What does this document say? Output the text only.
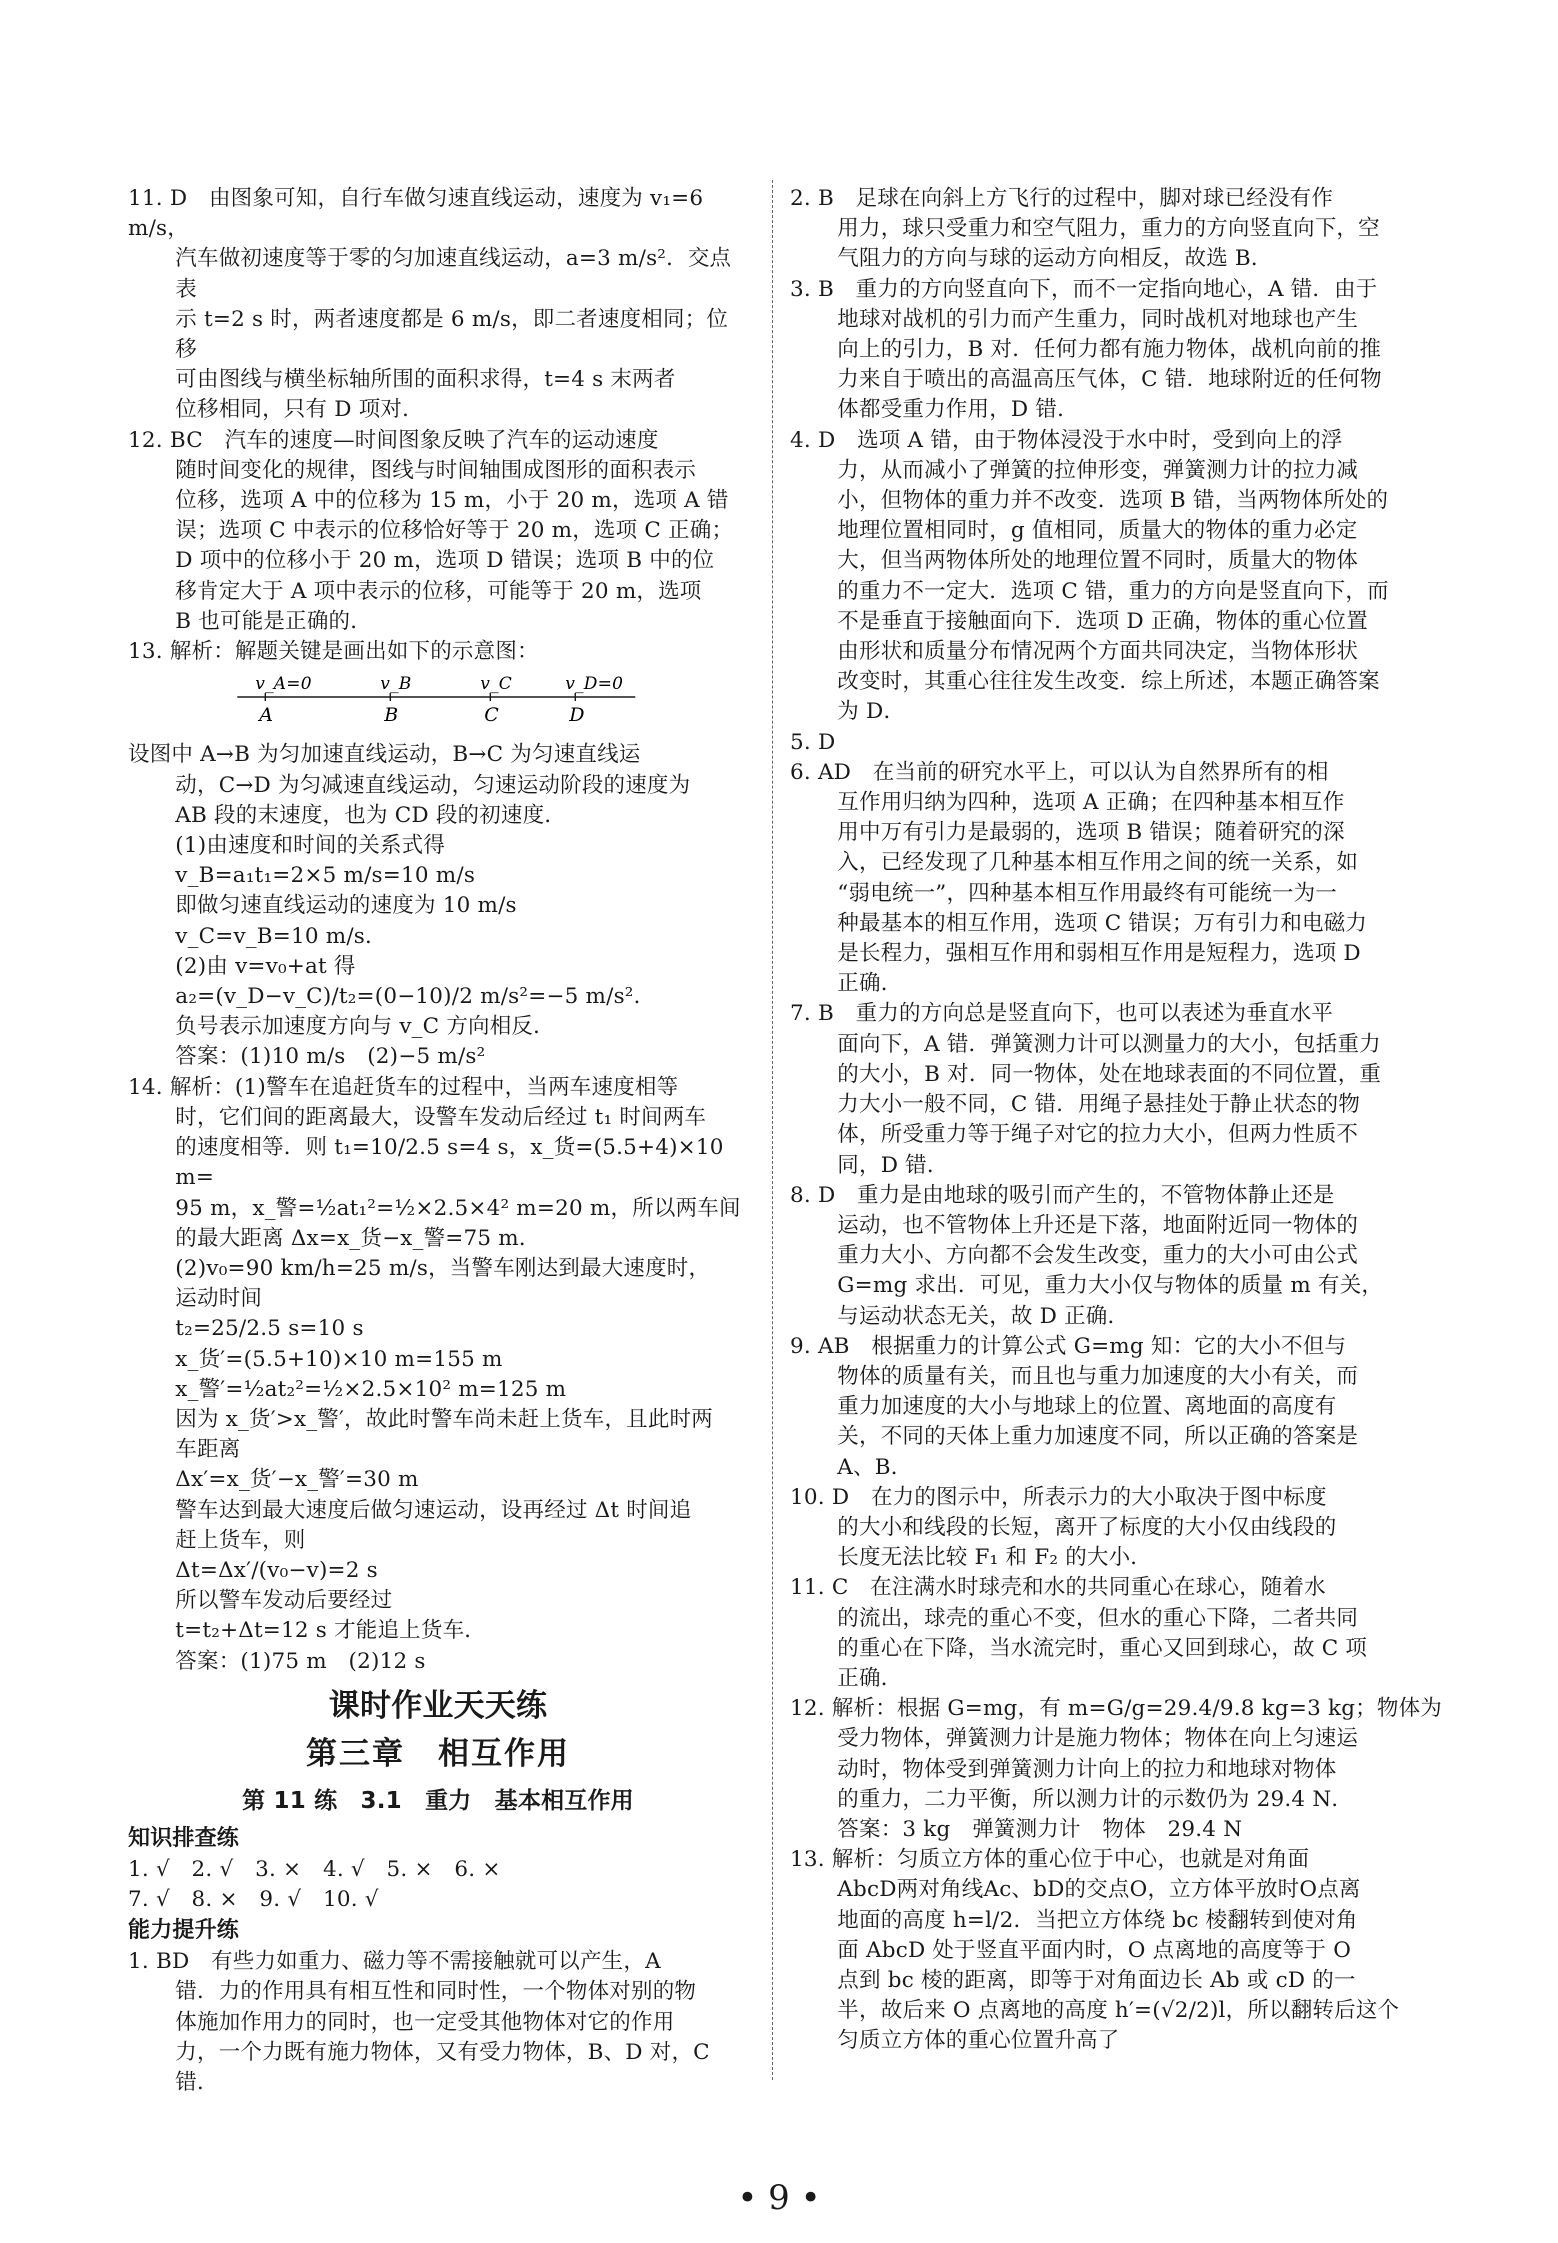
11. D　由图象可知，自行车做匀速直线运动，速度为 v₁=6 m/s，

汽车做初速度等于零的匀加速直线运动，a=3 m/s²．交点表

示 t=2 s 时，两者速度都是 6 m/s，即二者速度相同；位移

可由图线与横坐标轴所围的面积求得，t=4 s 末两者

位移相同，只有 D 项对．

12. BC　汽车的速度—时间图象反映了汽车的运动速度

随时间变化的规律，图线与时间轴围成图形的面积表示

位移，选项 A 中的位移为 15 m，小于 20 m，选项 A 错

误；选项 C 中表示的位移恰好等于 20 m，选项 C 正确；

D 项中的位移小于 20 m，选项 D 错误；选项 B 中的位

移肯定大于 A 项中表示的位移，可能等于 20 m，选项

B 也可能是正确的．

13. 解析：解题关键是画出如下的示意图：

v_A=0	v_B	v_C	v_D=0
A	B	C	D

设图中 A→B 为匀加速直线运动，B→C 为匀速直线运

动，C→D 为匀减速直线运动，匀速运动阶段的速度为

AB 段的末速度，也为 CD 段的初速度．

(1)由速度和时间的关系式得

v_B=a₁t₁=2×5 m/s=10 m/s

即做匀速直线运动的速度为 10 m/s

v_C=v_B=10 m/s．

(2)由 v=v₀+at 得

a₂=(v_D−v_C)/t₂=(0−10)/2 m/s²=−5 m/s²．

负号表示加速度方向与 v_C 方向相反．

答案：(1)10 m/s　(2)−5 m/s²

14. 解析：(1)警车在追赶货车的过程中，当两车速度相等

时，它们间的距离最大，设警车发动后经过 t₁ 时间两车

的速度相等．则 t₁=10/2.5 s=4 s，x_货=(5.5+4)×10 m=

95 m，x_警=½at₁²=½×2.5×4² m=20 m，所以两车间

的最大距离 Δx=x_货−x_警=75 m．

(2)v₀=90 km/h=25 m/s，当警车刚达到最大速度时，

运动时间

t₂=25/2.5 s=10 s

x_货′=(5.5+10)×10 m=155 m

x_警′=½at₂²=½×2.5×10² m=125 m

因为 x_货′>x_警′，故此时警车尚未赶上货车，且此时两

车距离

Δx′=x_货′−x_警′=30 m

警车达到最大速度后做匀速运动，设再经过 Δt 时间追

赶上货车，则

Δt=Δx′/(v₀−v)=2 s

所以警车发动后要经过

t=t₂+Δt=12 s 才能追上货车．

答案：(1)75 m　(2)12 s

课时作业天天练
第三章　相互作用
第 11 练　3.1　重力　基本相互作用
知识排查练

1. √　2. √　3. ×　4. √　5. ×　6. ×

7. √　8. ×　9. √　10. √

能力提升练

1. BD　有些力如重力、磁力等不需接触就可以产生，A

错．力的作用具有相互性和同时性，一个物体对别的物

体施加作用力的同时，也一定受其他物体对它的作用

力，一个力既有施力物体，又有受力物体，B、D 对，C 错．

2. B　足球在向斜上方飞行的过程中，脚对球已经没有作

用力，球只受重力和空气阻力，重力的方向竖直向下，空

气阻力的方向与球的运动方向相反，故选 B．

3. B　重力的方向竖直向下，而不一定指向地心，A 错．由于

地球对战机的引力而产生重力，同时战机对地球也产生

向上的引力，B 对．任何力都有施力物体，战机向前的推

力来自于喷出的高温高压气体，C 错．地球附近的任何物

体都受重力作用，D 错．

4. D　选项 A 错，由于物体浸没于水中时，受到向上的浮

力，从而减小了弹簧的拉伸形变，弹簧测力计的拉力减

小，但物体的重力并不改变．选项 B 错，当两物体所处的

地理位置相同时，g 值相同，质量大的物体的重力必定

大，但当两物体所处的地理位置不同时，质量大的物体

的重力不一定大．选项 C 错，重力的方向是竖直向下，而

不是垂直于接触面向下．选项 D 正确，物体的重心位置

由形状和质量分布情况两个方面共同决定，当物体形状

改变时，其重心往往发生改变．综上所述，本题正确答案

为 D．

5. D

6. AD　在当前的研究水平上，可以认为自然界所有的相

互作用归纳为四种，选项 A 正确；在四种基本相互作

用中万有引力是最弱的，选项 B 错误；随着研究的深

入，已经发现了几种基本相互作用之间的统一关系，如

“弱电统一”，四种基本相互作用最终有可能统一为一

种最基本的相互作用，选项 C 错误；万有引力和电磁力

是长程力，强相互作用和弱相互作用是短程力，选项 D

正确．

7. B　重力的方向总是竖直向下，也可以表述为垂直水平

面向下，A 错．弹簧测力计可以测量力的大小，包括重力

的大小，B 对．同一物体，处在地球表面的不同位置，重

力大小一般不同，C 错．用绳子悬挂处于静止状态的物

体，所受重力等于绳子对它的拉力大小，但两力性质不

同，D 错．

8. D　重力是由地球的吸引而产生的，不管物体静止还是

运动，也不管物体上升还是下落，地面附近同一物体的

重力大小、方向都不会发生改变，重力的大小可由公式

G=mg 求出．可见，重力大小仅与物体的质量 m 有关，

与运动状态无关，故 D 正确．

9. AB　根据重力的计算公式 G=mg 知：它的大小不但与

物体的质量有关，而且也与重力加速度的大小有关，而

重力加速度的大小与地球上的位置、离地面的高度有

关，不同的天体上重力加速度不同，所以正确的答案是

A、B．

10. D　在力的图示中，所表示力的大小取决于图中标度

的大小和线段的长短，离开了标度的大小仅由线段的

长度无法比较 F₁ 和 F₂ 的大小．

11. C　在注满水时球壳和水的共同重心在球心，随着水

的流出，球壳的重心不变，但水的重心下降，二者共同

的重心在下降，当水流完时，重心又回到球心，故 C 项

正确．

12. 解析：根据 G=mg，有 m=G/g=29.4/9.8 kg=3 kg；物体为

受力物体，弹簧测力计是施力物体；物体在向上匀速运

动时，物体受到弹簧测力计向上的拉力和地球对物体

的重力，二力平衡，所以测力计的示数仍为 29.4 N．

答案：3 kg　弹簧测力计　物体　29.4 N

13. 解析：匀质立方体的重心位于中心，也就是对角面

AbcD两对角线Ac、bD的交点O，立方体平放时O点离

地面的高度 h=l/2．当把立方体绕 bc 棱翻转到使对角

面 AbcD 处于竖直平面内时，O 点离地的高度等于 O

点到 bc 棱的距离，即等于对角面边长 Ab 或 cD 的一

半，故后来 O 点离地的高度 h′=(√2/2)l，所以翻转后这个

匀质立方体的重心位置升高了

• 9 •
